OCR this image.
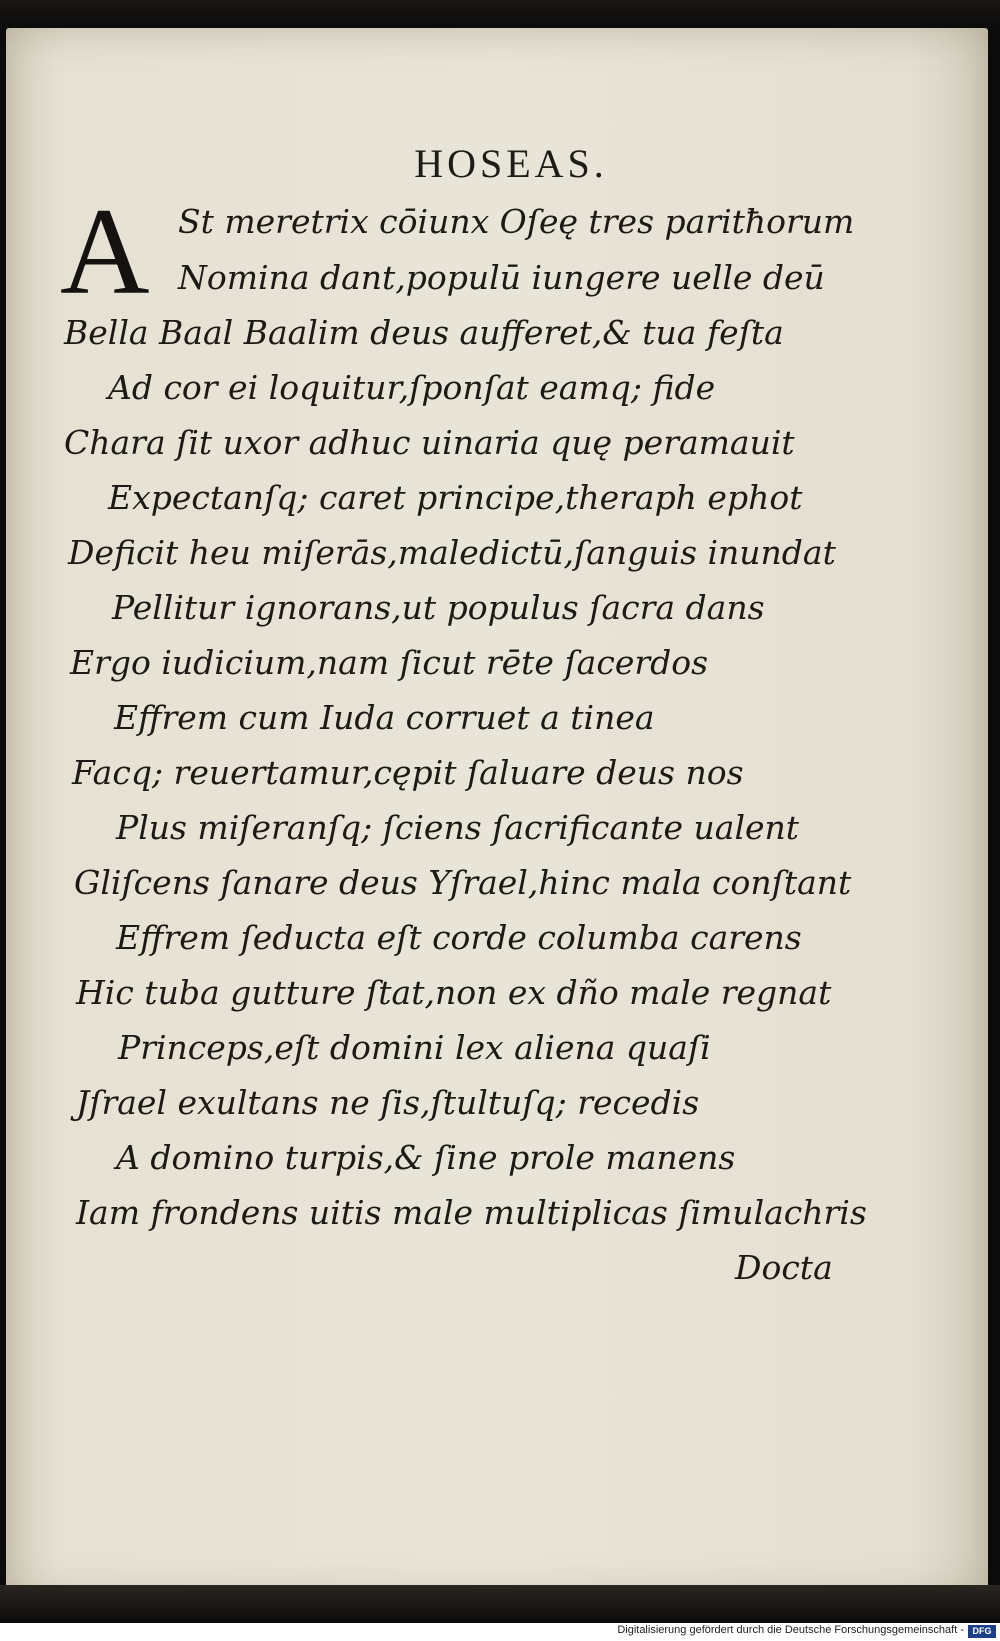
HOSEAS.
A St meretrix cōiunx Oſeę tres paritħorum
Nomina dant,populū iungere uelle deū
Bella Baal Baalim deus aufferet,& tua feſta
Ad cor ei loquitur,ſponſat eamq; fide
Chara ſit uxor adhuc uinaria quę peramauit
Expectanſq; caret principe,theraph ephot
Deficit heu miſerās,maledictū,ſanguis inundat
Pellitur ignorans,ut populus ſacra dans
Ergo iudicium,nam ſicut rēte ſacerdos
Effrem cum Iuda corruet a tinea
Facq; reuertamur,cępit ſaluare deus nos
Plus miſeranſq; ſciens ſacrificante ualent
Gliſcens ſanare deus Yſrael,hinc mala conſtant
Effrem ſeducta eſt corde columba carens
Hic tuba gutture ſtat,non ex dño male regnat
Princeps,eſt domini lex aliena quaſi
Jſrael exultans ne ſis,ſtultuſq; recedis
A domino turpis,& ſine prole manens
Iam frondens uitis male multiplicas ſimulachris
Docta
Digitalisierung gefördert durch die Deutsche Forschungsgemeinschaft - DFG
